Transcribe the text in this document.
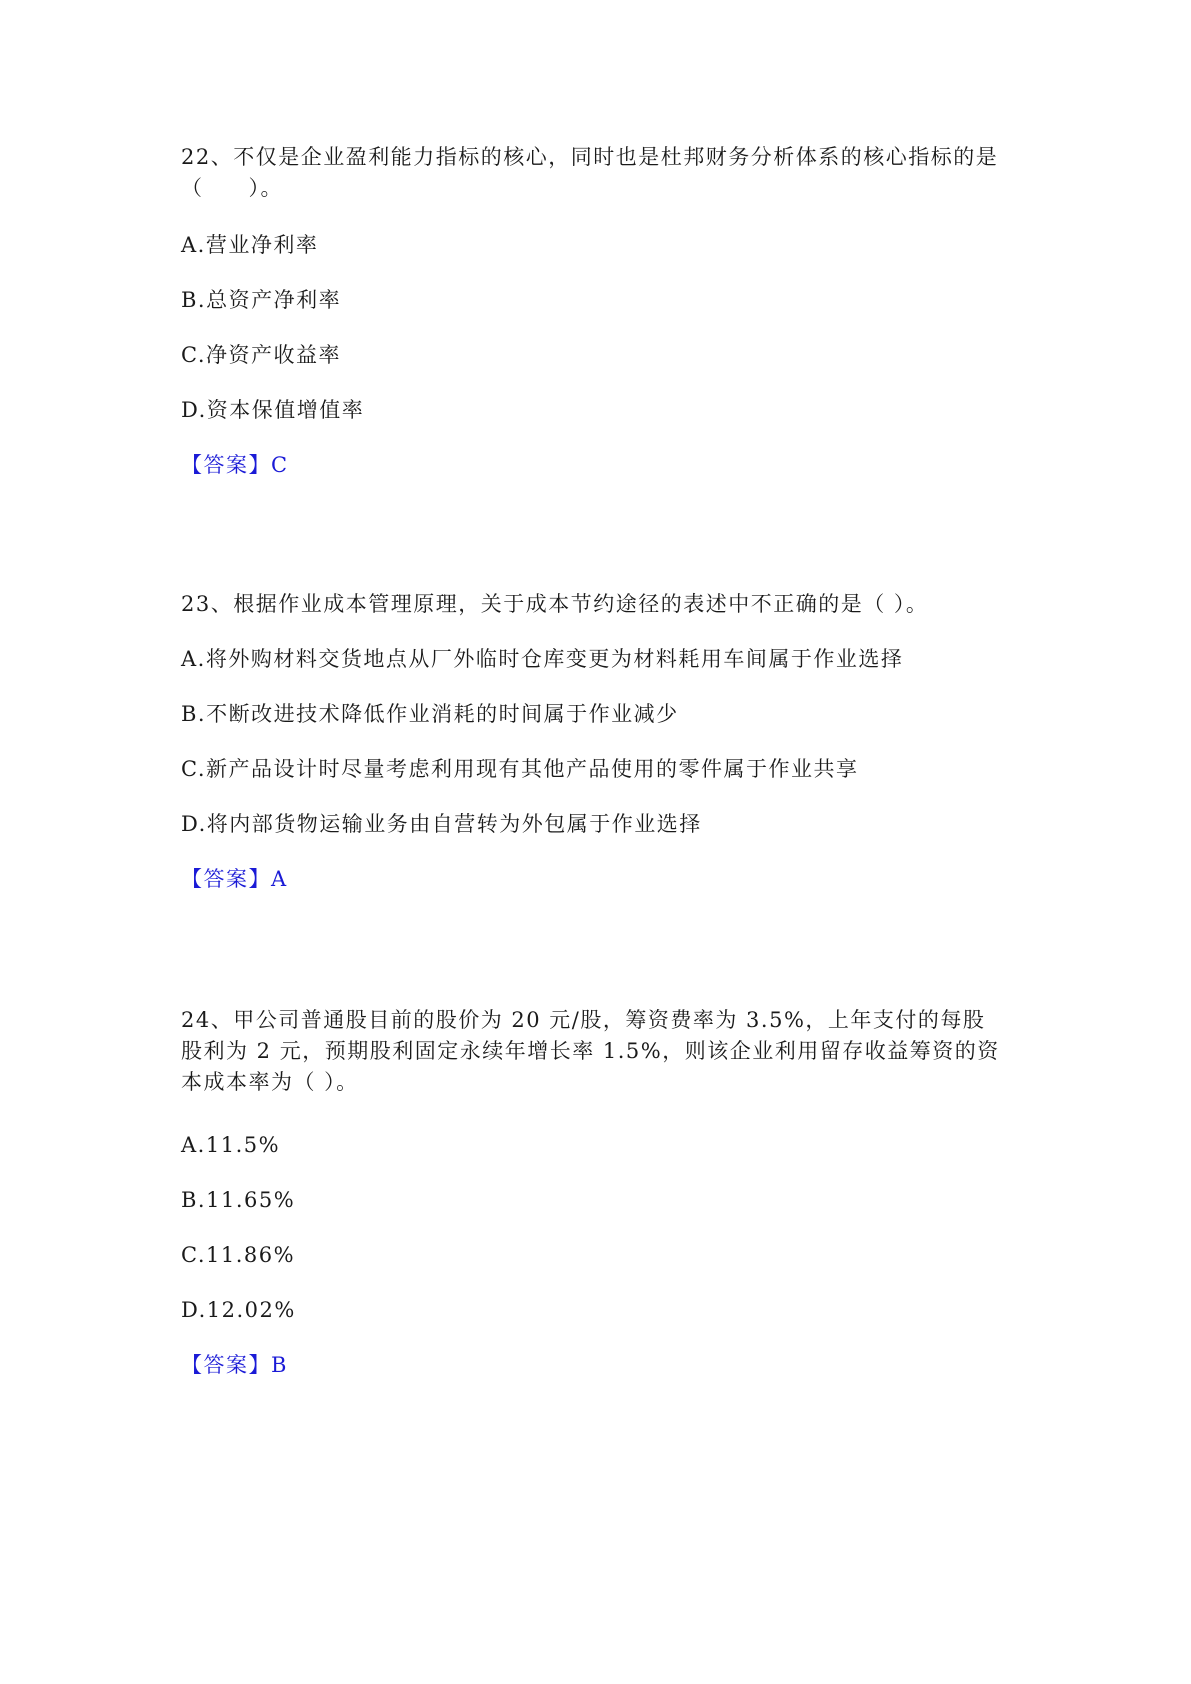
22、不仅是企业盈利能力指标的核心，同时也是杜邦财务分析体系的核心指标的是（　　）。

A.营业净利率

B.总资产净利率

C.净资产收益率

D.资本保值增值率

【答案】C

23、根据作业成本管理原理，关于成本节约途径的表述中不正确的是（ ）。

A.将外购材料交货地点从厂外临时仓库变更为材料耗用车间属于作业选择

B.不断改进技术降低作业消耗的时间属于作业减少

C.新产品设计时尽量考虑利用现有其他产品使用的零件属于作业共享

D.将内部货物运输业务由自营转为外包属于作业选择

【答案】A

24、甲公司普通股目前的股价为 20 元/股，筹资费率为 3.5%，上年支付的每股股利为 2 元，预期股利固定永续年增长率 1.5%，则该企业利用留存收益筹资的资本成本率为（ ）。

A.11.5%

B.11.65%

C.11.86%

D.12.02%

【答案】B
